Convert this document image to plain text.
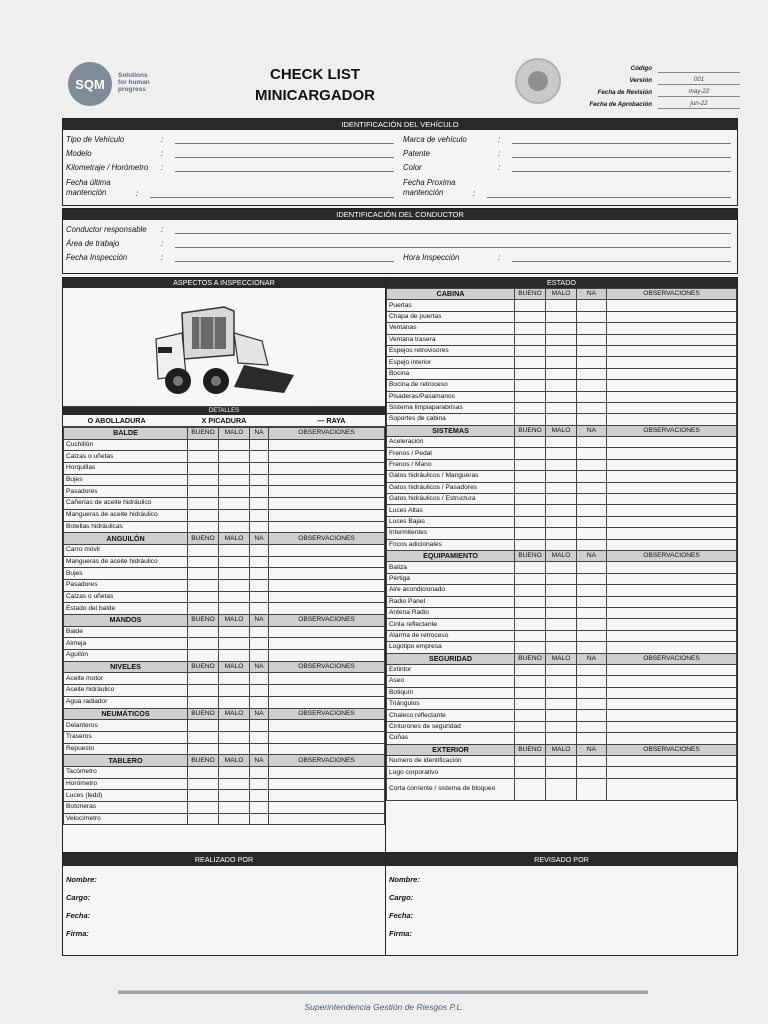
SQM
Solutions
for human
progress
CHECK LIST
MINICARGADOR
Código
Versión	001
Fecha de Revisión	may-22
Fecha de Aprobación	jun-22
IDENTIFICACIÓN DEL VEHÍCULO
Tipo de Vehículo	:	Marca de vehículo	:
Modelo	:	Patente	:
Kilometraje / Horómetro	:	Color	:
Fecha última mantención	:
Fecha Proxima mantención	:
IDENTIFICACIÓN DEL CONDUCTOR
Conductor responsable	:
Área de trabajo	:
Fecha Inspección	:	Hora Inspección	:
ASPECTOS A INSPECCIONAR
DETALLES
O ABOLLADURA	X PICADURA	— RAYA
BALDE	BUENO	MALO	NA	OBSERVACIONES
Cuchillón				
Calzas o uñetas				
Horquillas				
Bujes				
Pasadores				
Cañerías de aceite hidráulico				
Mangueras de aceite hidráulico				
Botellas hidráulicas				
ANGUILÓN	BUENO	MALO	NA	OBSERVACIONES
Carro móvil				
Mangueras de aceite hidráulico				
Bujes				
Pasadores				
Calzas o uñetas				
Estado del balde				
MANDOS	BUENO	MALO	NA	OBSERVACIONES
Balde				
Almeja				
Aguilón				
NIVELES	BUENO	MALO	NA	OBSERVACIONES
Aceite motor				
Aceite hidráulico				
Agua radiador				
NEUMÁTICOS	BUENO	MALO	NA	OBSERVACIONES
Delanteros				
Traseros				
Repuesto				
TABLERO	BUENO	MALO	NA	OBSERVACIONES
Tacómetro				
Horómetro				
Luces (ledd)				
Botoneras				
Velocímetro				
ESTADO
CABINA	BUENO	MALO	NA	OBSERVACIONES
Puertas				
Chapa de puertas				
Ventanas				
Ventana trasera				
Espejos retrovisores				
Espejo interior				
Bocina				
Bocina de retroceso				
Pisaderas/Pasamanos				
Sistema limpiaparabrisas				
Soportes de cabina				
SISTEMAS	BUENO	MALO	NA	OBSERVACIONES
Aceleración				
Frenos / Pedal				
Frenos / Mano				
Gatos hidráulicos / Mangueras				
Gatos hidráulicos / Pasadores				
Gatos hidráulicos / Estructura				
Luces Altas				
Luces Bajas				
Intermitentes				
Focos adicionales				
EQUIPAMIENTO	BUENO	MALO	NA	OBSERVACIONES
Baliza				
Pértiga				
Aire acondicionado				
Radio Panel				
Antena Radio				
Cinta reflectante				
Alarma de retroceso				
Logotipo empresa				
SEGURIDAD	BUENO	MALO	NA	OBSERVACIONES
Extintor				
Aseo				
Botiquín				
Triángulos				
Chaleco reflectante				
Cinturones de seguridad				
Cuñas				
EXTERIOR	BUENO	MALO	NA	OBSERVACIONES
Numero de identificación				
Logo corporativo				
Corta corriente / sistema de bloqueo				
REALIZADO POR
Nombre:
Cargo:
Fecha:
Firma:
REVISADO POR
Nombre:
Cargo:
Fecha:
Firma:
Superintendencia Gestión de Riesgos P.L.
